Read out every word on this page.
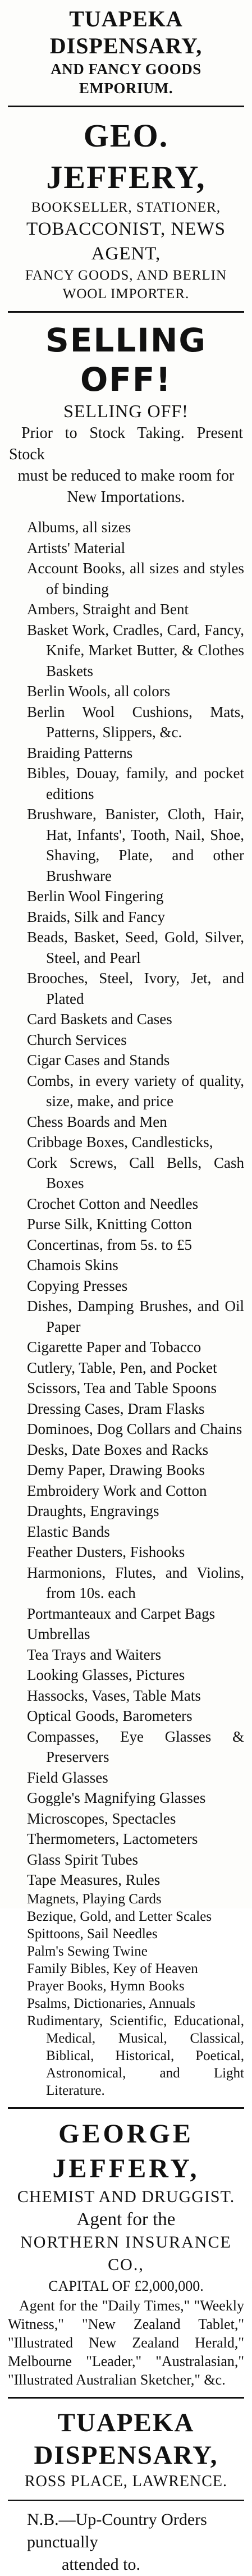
TUAPEKA DISPENSARY,
AND FANCY GOODS EMPORIUM.
GEO. JEFFERY,
BOOKSELLER, STATIONER,
TOBACCONIST, NEWS AGENT,
FANCY GOODS, AND BERLIN
WOOL IMPORTER.
SELLING OFF!
SELLING OFF!
Prior to Stock Taking. Present Stock
must be reduced to make room for
New Importations.
Albums, all sizes
Artists' Material
Account Books, all sizes and styles of binding
Ambers, Straight and Bent
Basket Work, Cradles, Card, Fancy, Knife, Market Butter, & Clothes Baskets
Berlin Wools, all colors
Berlin Wool Cushions, Mats, Patterns, Slippers, &c.
Braiding Patterns
Bibles, Douay, family, and pocket editions
Brushware, Banister, Cloth, Hair, Hat, Infants', Tooth, Nail, Shoe, Shaving, Plate, and other Brushware
Berlin Wool Fingering
Braids, Silk and Fancy
Beads, Basket, Seed, Gold, Silver, Steel, and Pearl
Brooches, Steel, Ivory, Jet, and Plated
Card Baskets and Cases
Church Services
Cigar Cases and Stands
Combs, in every variety of quality, size, make, and price
Chess Boards and Men
Cribbage Boxes, Candlesticks,
Cork Screws, Call Bells, Cash Boxes
Crochet Cotton and Needles
Purse Silk, Knitting Cotton
Concertinas, from 5s. to £5
Chamois Skins
Copying Presses
Dishes, Damping Brushes, and Oil Paper
Cigarette Paper and Tobacco
Cutlery, Table, Pen, and Pocket
Scissors, Tea and Table Spoons
Dressing Cases, Dram Flasks
Dominoes, Dog Collars and Chains
Desks, Date Boxes and Racks
Demy Paper, Drawing Books
Embroidery Work and Cotton
Draughts, Engravings
Elastic Bands
Feather Dusters, Fishooks
Harmonions, Flutes, and Violins, from 10s. each
Portmanteaux and Carpet Bags
Umbrellas
Tea Trays and Waiters
Looking Glasses, Pictures
Hassocks, Vases, Table Mats
Optical Goods, Barometers
Compasses, Eye Glasses & Preservers
Field Glasses
Goggle's Magnifying Glasses
Microscopes, Spectacles
Thermometers, Lactometers
Glass Spirit Tubes
Tape Measures, Rules
Magnets, Playing Cards
Bezique, Gold, and Letter Scales
Spittoons, Sail Needles
Palm's Sewing Twine
Family Bibles, Key of Heaven
Prayer Books, Hymn Books
Psalms, Dictionaries, Annuals
Rudimentary, Scientific, Educational, Medical, Musical, Classical, Biblical, Historical, Poetical, Astronomical, and Light Literature.
GEORGE JEFFERY,
CHEMIST AND DRUGGIST.
Agent for the
NORTHERN INSURANCE CO.,
CAPITAL OF £2,000,000.
Agent for the "Daily Times," "Weekly Witness," "New Zealand Tablet," "Illustrated New Zealand Herald," Melbourne "Leader," "Australasian," "Illustrated Australian Sketcher," &c.
TUAPEKA DISPENSARY,
ROSS PLACE, LAWRENCE.
N.B.—Up-Country Orders punctually
attended to.
